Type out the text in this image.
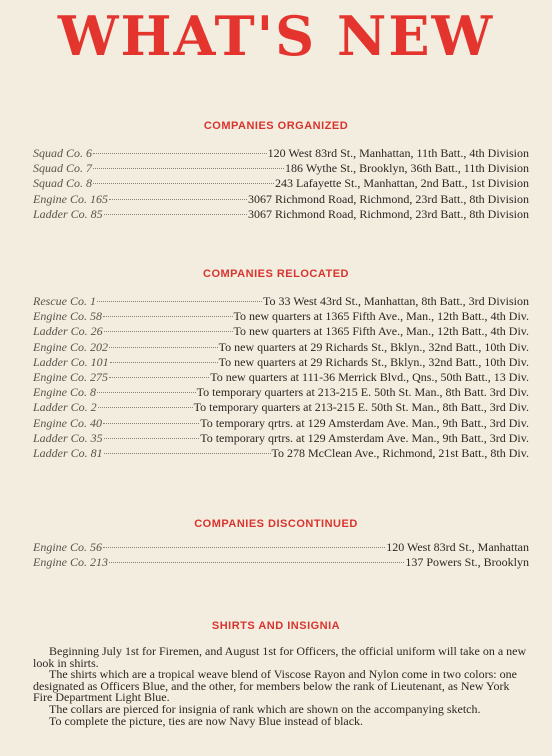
WHAT'S NEW
COMPANIES ORGANIZED
Squad Co. 6	120 West 83rd St., Manhattan, 11th Batt., 4th Division
Squad Co. 7	186 Wythe St., Brooklyn, 36th Batt., 11th Division
Squad Co. 8	243 Lafayette St., Manhattan, 2nd Batt., 1st Division
Engine Co. 165	3067 Richmond Road, Richmond, 23rd Batt., 8th Division
Ladder Co. 85	3067 Richmond Road, Richmond, 23rd Batt., 8th Division
COMPANIES RELOCATED
Rescue Co. 1	To 33 West 43rd St., Manhattan, 8th Batt., 3rd Division
Engine Co. 58	To new quarters at 1365 Fifth Ave., Man., 12th Batt., 4th Div.
Ladder Co. 26	To new quarters at 1365 Fifth Ave., Man., 12th Batt., 4th Div.
Engine Co. 202	To new quarters at 29 Richards St., Bklyn., 32nd Batt., 10th Div.
Ladder Co. 101	To new quarters at 29 Richards St., Bklyn., 32nd Batt., 10th Div.
Engine Co. 275	To new quarters at 111-36 Merrick Blvd., Qns., 50th Batt., 13 Div.
Engine Co. 8	To temporary quarters at 213-215 E. 50th St. Man., 8th Batt. 3rd Div.
Ladder Co. 2	To temporary quarters at 213-215 E. 50th St. Man., 8th Batt., 3rd Div.
Engine Co. 40	To temporary qrtrs. at 129 Amsterdam Ave. Man., 9th Batt., 3rd Div.
Ladder Co. 35	To temporary qrtrs. at 129 Amsterdam Ave. Man., 9th Batt., 3rd Div.
Ladder Co. 81	To 278 McClean Ave., Richmond, 21st Batt., 8th Div.
COMPANIES DISCONTINUED
Engine Co. 56	120 West 83rd St., Manhattan
Engine Co. 213	137 Powers St., Brooklyn
SHIRTS AND INSIGNIA

Beginning July 1st for Firemen, and August 1st for Officers, the official uniform will take on a new look in shirts.

The shirts which are a tropical weave blend of Viscose Rayon and Nylon come in two colors: one designated as Officers Blue, and the other, for members below the rank of Lieutenant, as New York Fire Department Light Blue.

The collars are pierced for insignia of rank which are shown on the accompanying sketch.

To complete the picture, ties are now Navy Blue instead of black.
